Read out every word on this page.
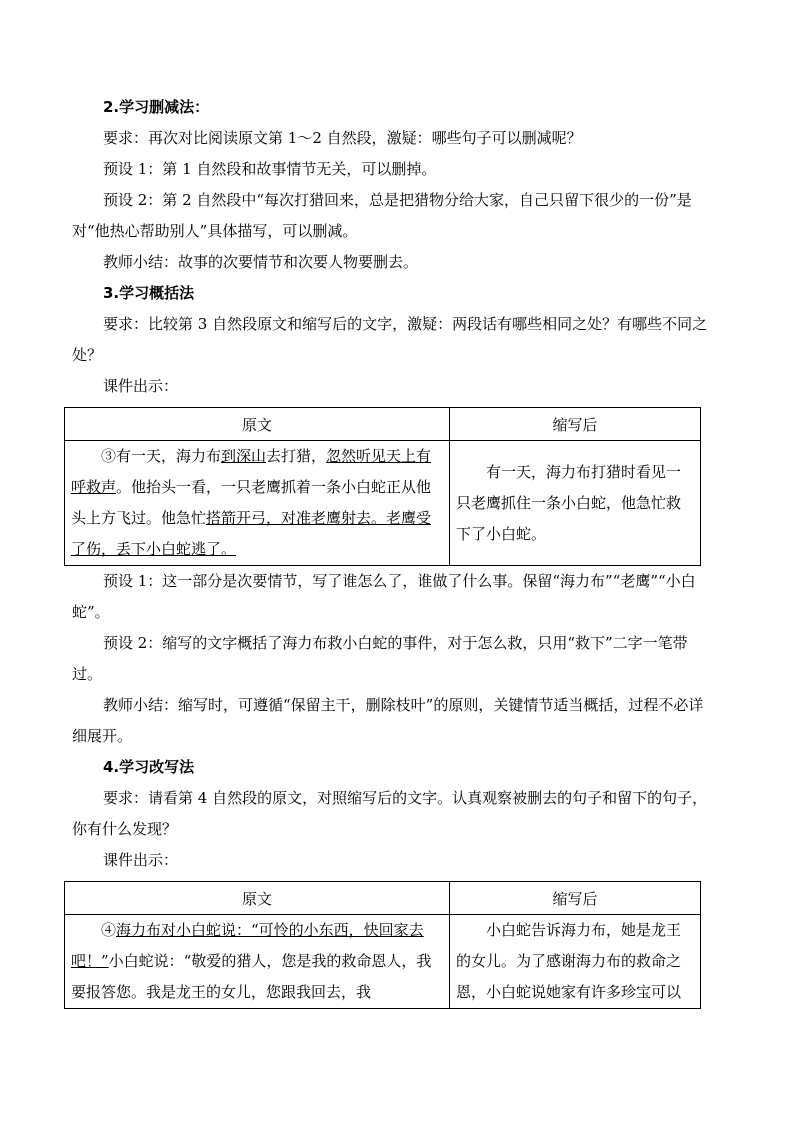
2.学习删减法：

要求：再次对比阅读原文第 1～2 自然段，激疑：哪些句子可以删减呢？

预设 1：第 1 自然段和故事情节无关，可以删掉。

预设 2：第 2 自然段中“每次打猎回来，总是把猎物分给大家，自己只留下很少的一份”是对“他热心帮助别人”具体描写，可以删减。

教师小结：故事的次要情节和次要人物要删去。

3.学习概括法

要求：比较第 3 自然段原文和缩写后的文字，激疑：两段话有哪些相同之处？有哪些不同之处？

课件出示：

原文	缩写后

③有一天，海力布到深山去打猎，忽然听见天上有呼救声。他抬头一看，一只老鹰抓着一条小白蛇正从他头上方飞过。他急忙搭箭开弓，对准老鹰射去。老鹰受了伤，丢下小白蛇逃了。	有一天，海力布打猎时看见一只老鹰抓住一条小白蛇，他急忙救下了小白蛇。

预设 1：这一部分是次要情节，写了谁怎么了，谁做了什么事。保留“海力布”“老鹰”“小白蛇”。

预设 2：缩写的文字概括了海力布救小白蛇的事件，对于怎么救，只用“救下”二字一笔带过。

教师小结：缩写时，可遵循“保留主干，删除枝叶”的原则，关键情节适当概括，过程不必详细展开。

4.学习改写法

要求：请看第 4 自然段的原文，对照缩写后的文字。认真观察被删去的句子和留下的句子，你有什么发现？

课件出示：

原文	缩写后

④海力布对小白蛇说：“可怜的小东西，快回家去吧！”小白蛇说：“敬爱的猎人，您是我的救命恩人，我要报答您。我是龙王的女儿，您跟我回去，我	小白蛇告诉海力布，她是龙王的女儿。为了感谢海力布的救命之恩，小白蛇说她家有许多珍宝可以
